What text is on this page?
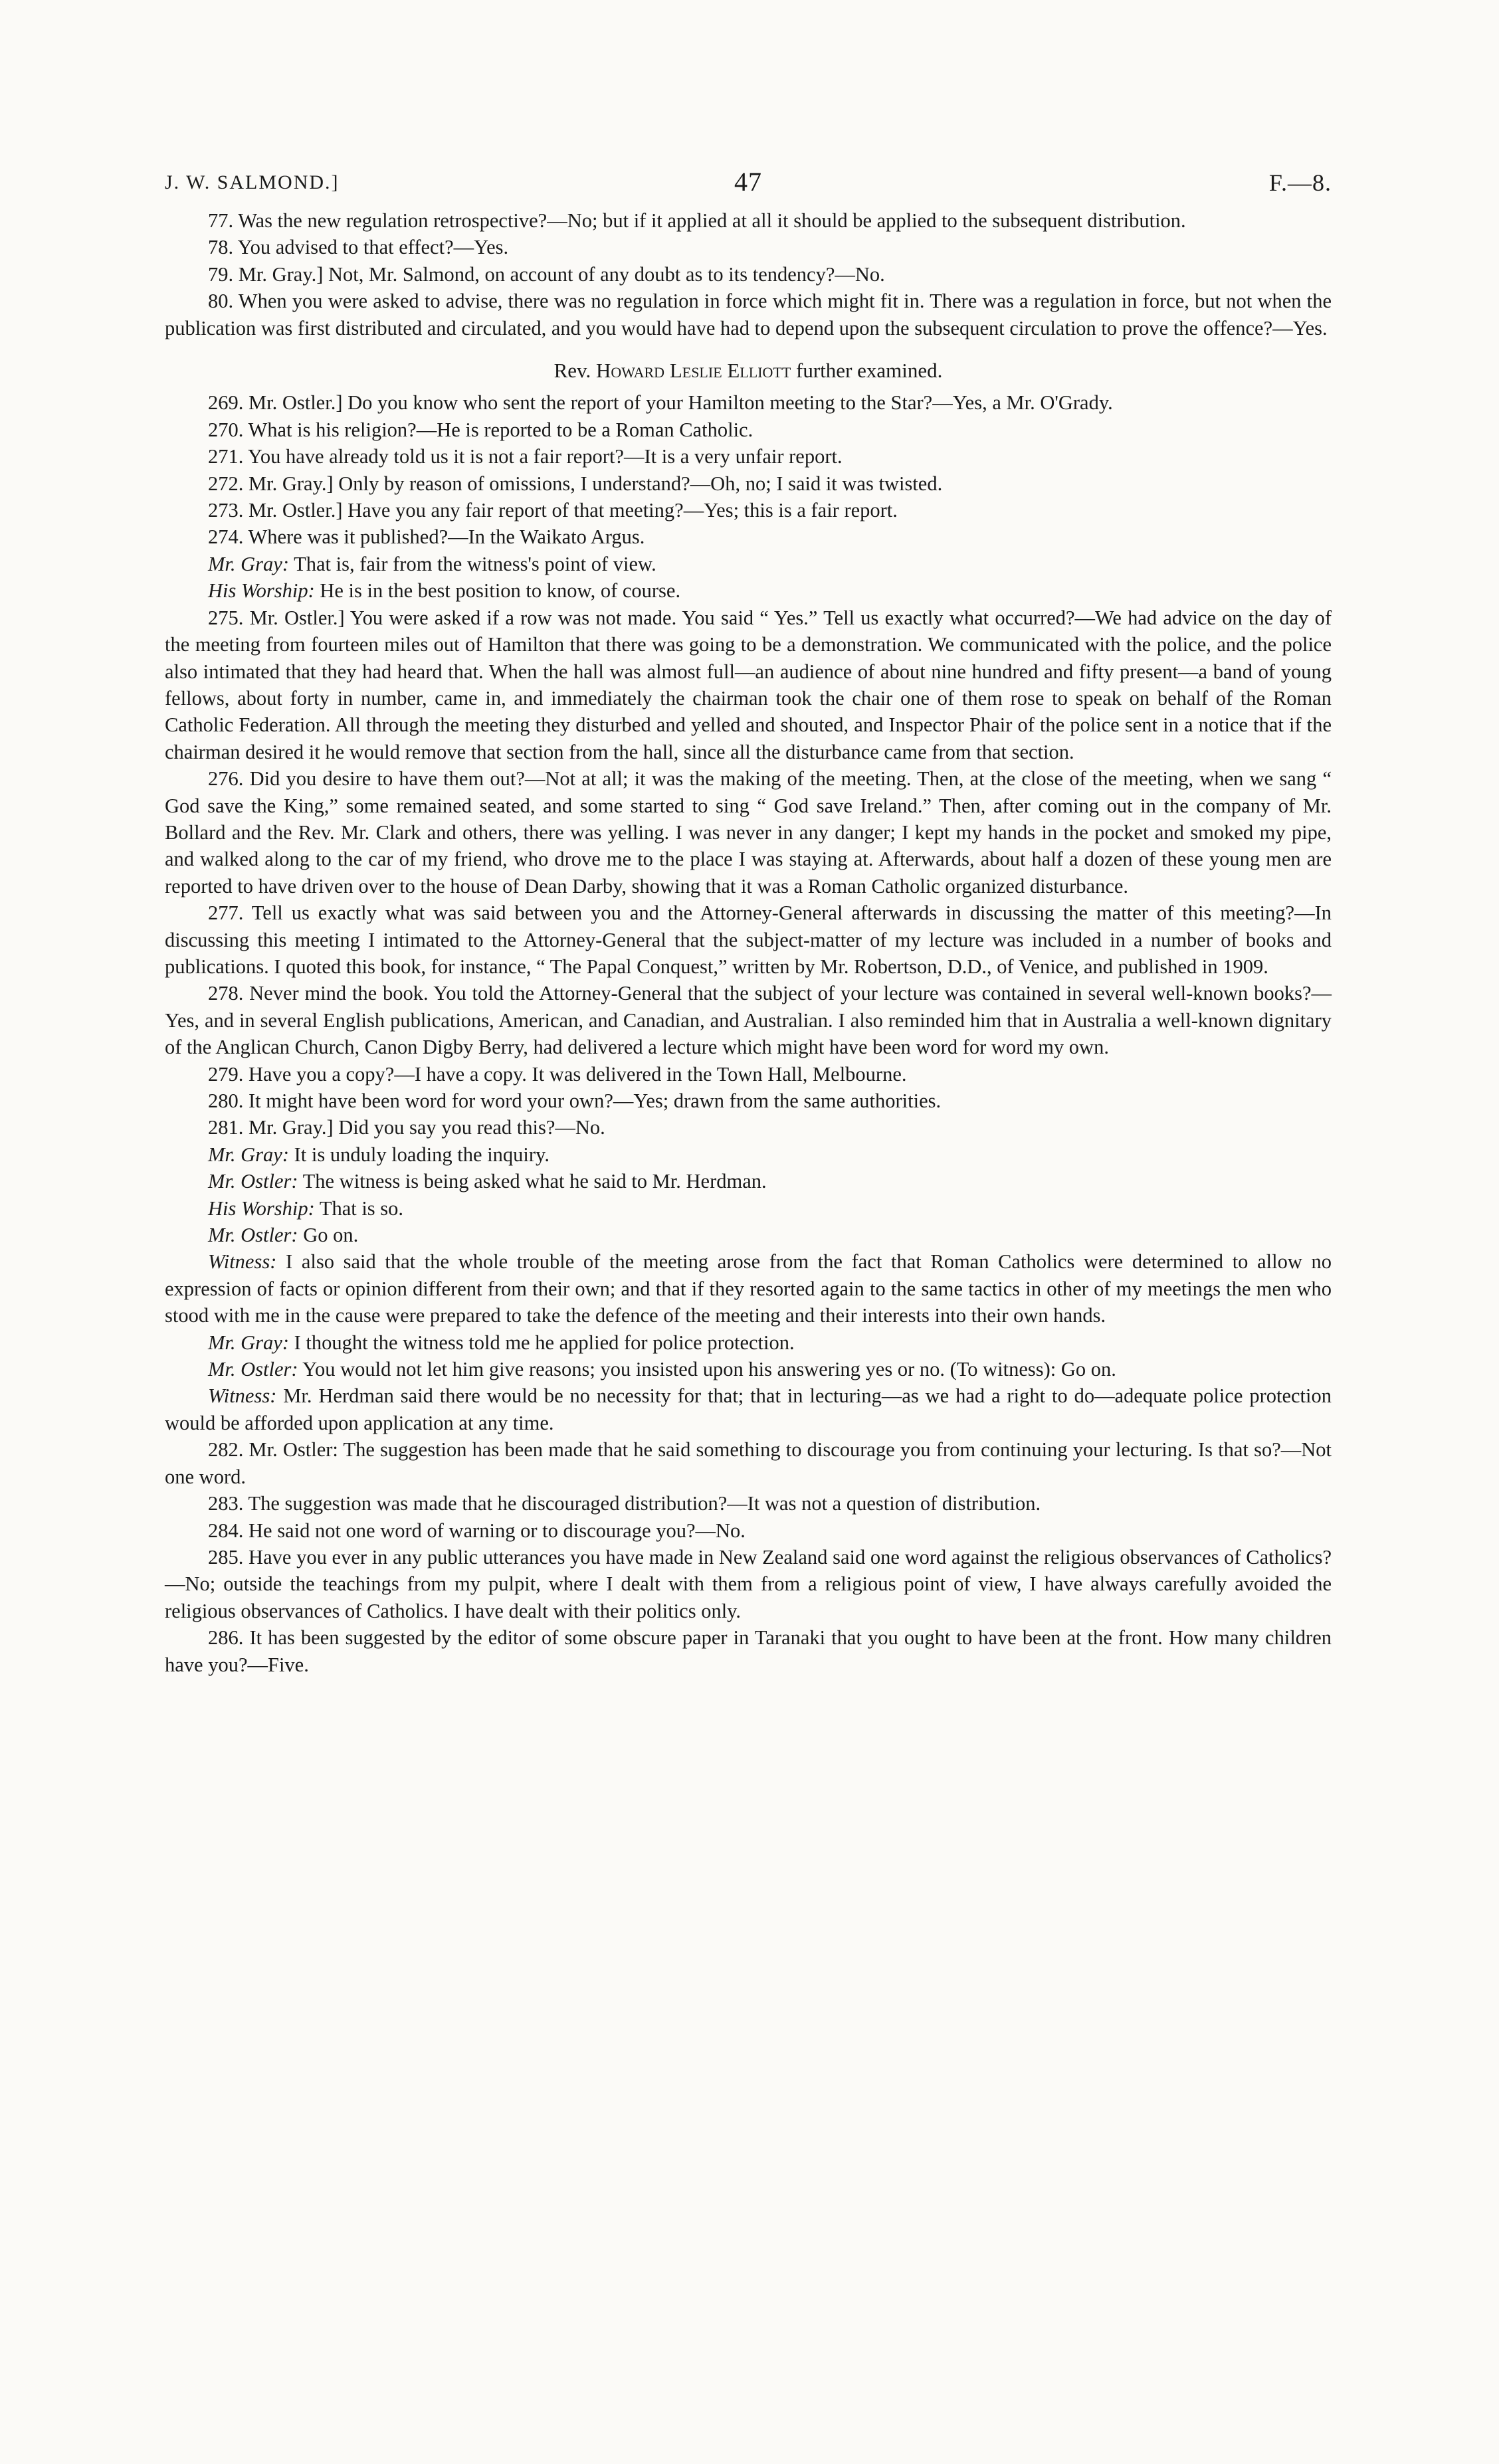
J. W. SALMOND.]	47	F.—8.

77. Was the new regulation retrospective?—No; but if it applied at all it should be applied to the subsequent distribution.

78. You advised to that effect?—Yes.

79. Mr. Gray.] Not, Mr. Salmond, on account of any doubt as to its tendency?—No.

80. When you were asked to advise, there was no regulation in force which might fit in. There was a regulation in force, but not when the publication was first distributed and circulated, and you would have had to depend upon the subsequent circulation to prove the offence?—Yes.

Rev. Howard Leslie Elliott further examined.

269. Mr. Ostler.] Do you know who sent the report of your Hamilton meeting to the Star?—Yes, a Mr. O'Grady.

270. What is his religion?—He is reported to be a Roman Catholic.

271. You have already told us it is not a fair report?—It is a very unfair report.

272. Mr. Gray.] Only by reason of omissions, I understand?—Oh, no; I said it was twisted.

273. Mr. Ostler.] Have you any fair report of that meeting?—Yes; this is a fair report.

274. Where was it published?—In the Waikato Argus.

Mr. Gray: That is, fair from the witness's point of view.

His Worship: He is in the best position to know, of course.

275. Mr. Ostler.] You were asked if a row was not made. You said “ Yes.” Tell us exactly what occurred?—We had advice on the day of the meeting from fourteen miles out of Hamilton that there was going to be a demonstration. We communicated with the police, and the police also intimated that they had heard that. When the hall was almost full—an audience of about nine hundred and fifty present—a band of young fellows, about forty in number, came in, and immediately the chairman took the chair one of them rose to speak on behalf of the Roman Catholic Federation. All through the meeting they disturbed and yelled and shouted, and Inspector Phair of the police sent in a notice that if the chairman desired it he would remove that section from the hall, since all the disturbance came from that section.

276. Did you desire to have them out?—Not at all; it was the making of the meeting. Then, at the close of the meeting, when we sang “ God save the King,” some remained seated, and some started to sing “ God save Ireland.” Then, after coming out in the company of Mr. Bollard and the Rev. Mr. Clark and others, there was yelling. I was never in any danger; I kept my hands in the pocket and smoked my pipe, and walked along to the car of my friend, who drove me to the place I was staying at. Afterwards, about half a dozen of these young men are reported to have driven over to the house of Dean Darby, showing that it was a Roman Catholic organized disturbance.

277. Tell us exactly what was said between you and the Attorney-General afterwards in discussing the matter of this meeting?—In discussing this meeting I intimated to the Attorney-General that the subject-matter of my lecture was included in a number of books and publications. I quoted this book, for instance, “ The Papal Conquest,” written by Mr. Robertson, D.D., of Venice, and published in 1909.

278. Never mind the book. You told the Attorney-General that the subject of your lecture was contained in several well-known books?—Yes, and in several English publications, American, and Canadian, and Australian. I also reminded him that in Australia a well-known dignitary of the Anglican Church, Canon Digby Berry, had delivered a lecture which might have been word for word my own.

279. Have you a copy?—I have a copy. It was delivered in the Town Hall, Melbourne.

280. It might have been word for word your own?—Yes; drawn from the same authorities.

281. Mr. Gray.] Did you say you read this?—No.

Mr. Gray: It is unduly loading the inquiry.

Mr. Ostler: The witness is being asked what he said to Mr. Herdman.

His Worship: That is so.

Mr. Ostler: Go on.

Witness: I also said that the whole trouble of the meeting arose from the fact that Roman Catholics were determined to allow no expression of facts or opinion different from their own; and that if they resorted again to the same tactics in other of my meetings the men who stood with me in the cause were prepared to take the defence of the meeting and their interests into their own hands.

Mr. Gray: I thought the witness told me he applied for police protection.

Mr. Ostler: You would not let him give reasons; you insisted upon his answering yes or no. (To witness): Go on.

Witness: Mr. Herdman said there would be no necessity for that; that in lecturing—as we had a right to do—adequate police protection would be afforded upon application at any time.

282. Mr. Ostler: The suggestion has been made that he said something to discourage you from continuing your lecturing. Is that so?—Not one word.

283. The suggestion was made that he discouraged distribution?—It was not a question of distribution.

284. He said not one word of warning or to discourage you?—No.

285. Have you ever in any public utterances you have made in New Zealand said one word against the religious observances of Catholics?—No; outside the teachings from my pulpit, where I dealt with them from a religious point of view, I have always carefully avoided the religious observances of Catholics. I have dealt with their politics only.

286. It has been suggested by the editor of some obscure paper in Taranaki that you ought to have been at the front. How many children have you?—Five.
